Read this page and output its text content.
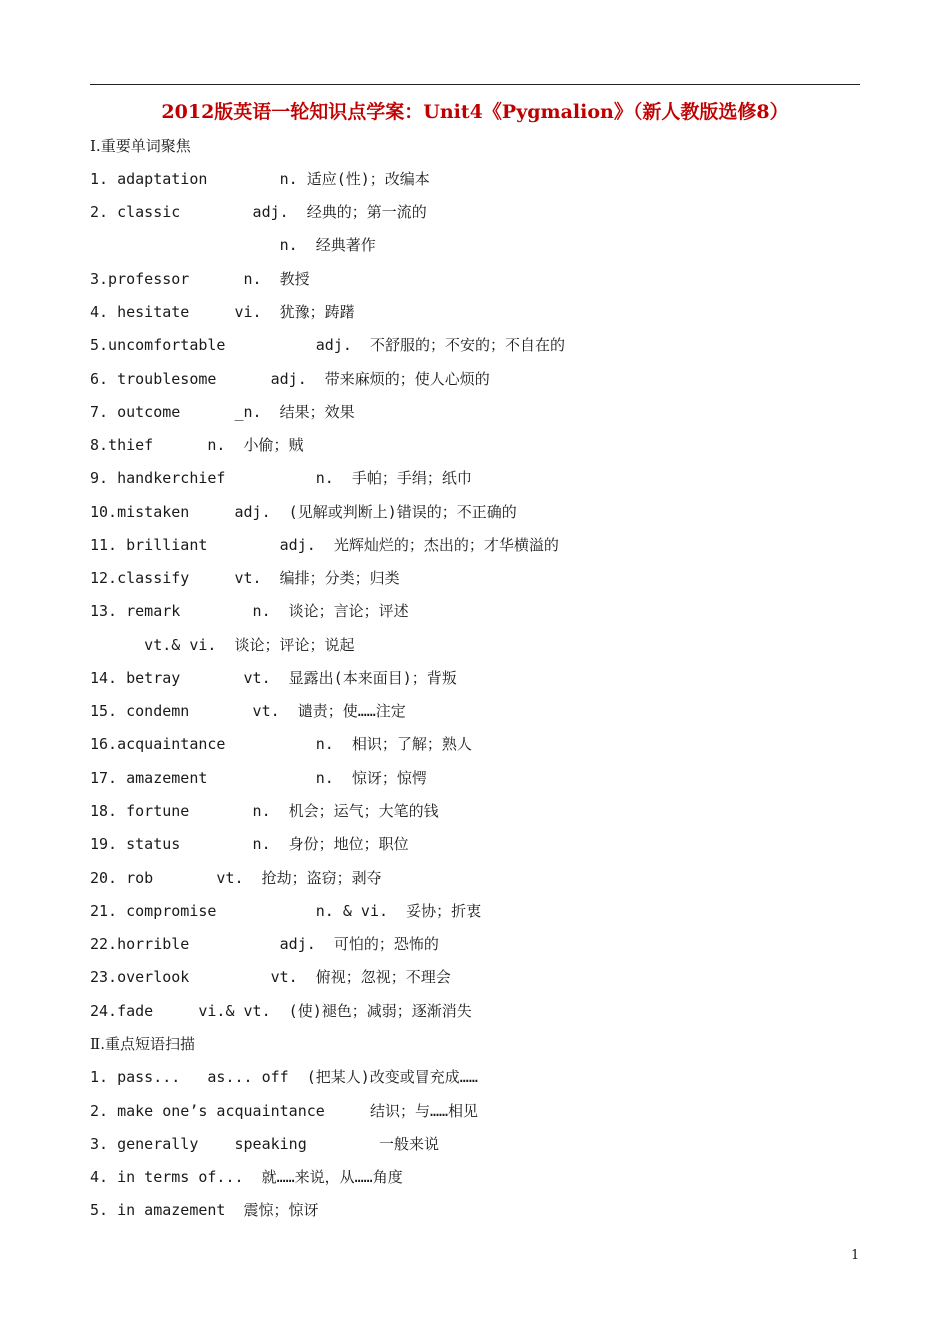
2012版英语一轮知识点学案：Unit4《Pygmalion》（新人教版选修8）
Ⅰ.重要单词聚焦
1. adaptation        n. 适应(性)；改编本
2. classic        adj.  经典的；第一流的
n.  经典著作
3.professor      n.  教授
4. hesitate     vi.  犹豫；踌躇
5.uncomfortable          adj.  不舒服的；不安的；不自在的
6. troublesome      adj.  带来麻烦的；使人心烦的
7. outcome      _n.  结果；效果
8.thief      n.  小偷；贼
9. handkerchief          n.  手帕；手绢；纸巾
10.mistaken     adj.  (见解或判断上)错误的；不正确的
11. brilliant        adj.  光辉灿烂的；杰出的；才华横溢的
12.classify     vt.  编排；分类；归类
13. remark        n.  谈论；言论；评述
vt.& vi.  谈论；评论；说起
14. betray       vt.  显露出(本来面目)；背叛
15. condemn       vt.  谴责；使……注定
16.acquaintance          n.  相识；了解；熟人
17. amazement            n.  惊讶；惊愕
18. fortune       n.  机会；运气；大笔的钱
19. status        n.  身份；地位；职位
20. rob       vt.  抢劫；盗窃；剥夺
21. compromise           n. & vi.  妥协；折衷
22.horrible          adj.  可怕的；恐怖的
23.overlook         vt.  俯视；忽视；不理会
24.fade     vi.& vt.  (使)褪色；减弱；逐渐消失
Ⅱ.重点短语扫描
1. pass...   as... off  (把某人)改变或冒充成……
2. make one’s acquaintance     结识；与……相见
3. generally    speaking        一般来说
4. in terms of...  就……来说，从……角度
5. in amazement  震惊；惊讶
1
